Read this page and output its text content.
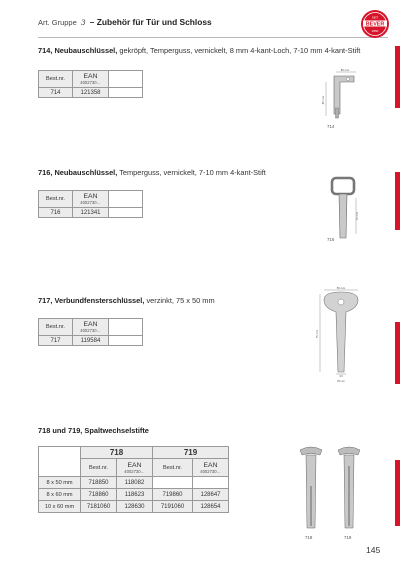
Art. Gruppe 3 – Zubehör für Tür und Schloss	BEVER
SEIT
1850
714, Neubauschlüssel, gekröpft, Temperguss, vernickelt, 8 mm 4-kant-Loch, 7-10 mm 4-kant-Stift
Best.nr.	EAN
4002730…	

714	121358	
80 mm
80 mm
714
716, Neubauschlüssel, Temperguss, vernickelt, 7-10 mm 4-kant-Stift
Best.nr.	EAN
4002730…	

716	121341		72 mm
716
717, Verbundfensterschlüssel, verzinkt, 75 x 50 mm
Best.nr.	EAN
4002730…	

717	119584	
50 mm
75 mm
3.6
25 mm
718 und 719, Spaltwechselstifte
	718		719	
	Best.nr.	EAN
4002730…	Best.nr.	EAN
4002730…

8 x 50 mm	718850	118082		
8 x 60 mm	718860	118623	719860	128647
10 x 60 mm	7181060	128630	7191060	128654
718	719
145
